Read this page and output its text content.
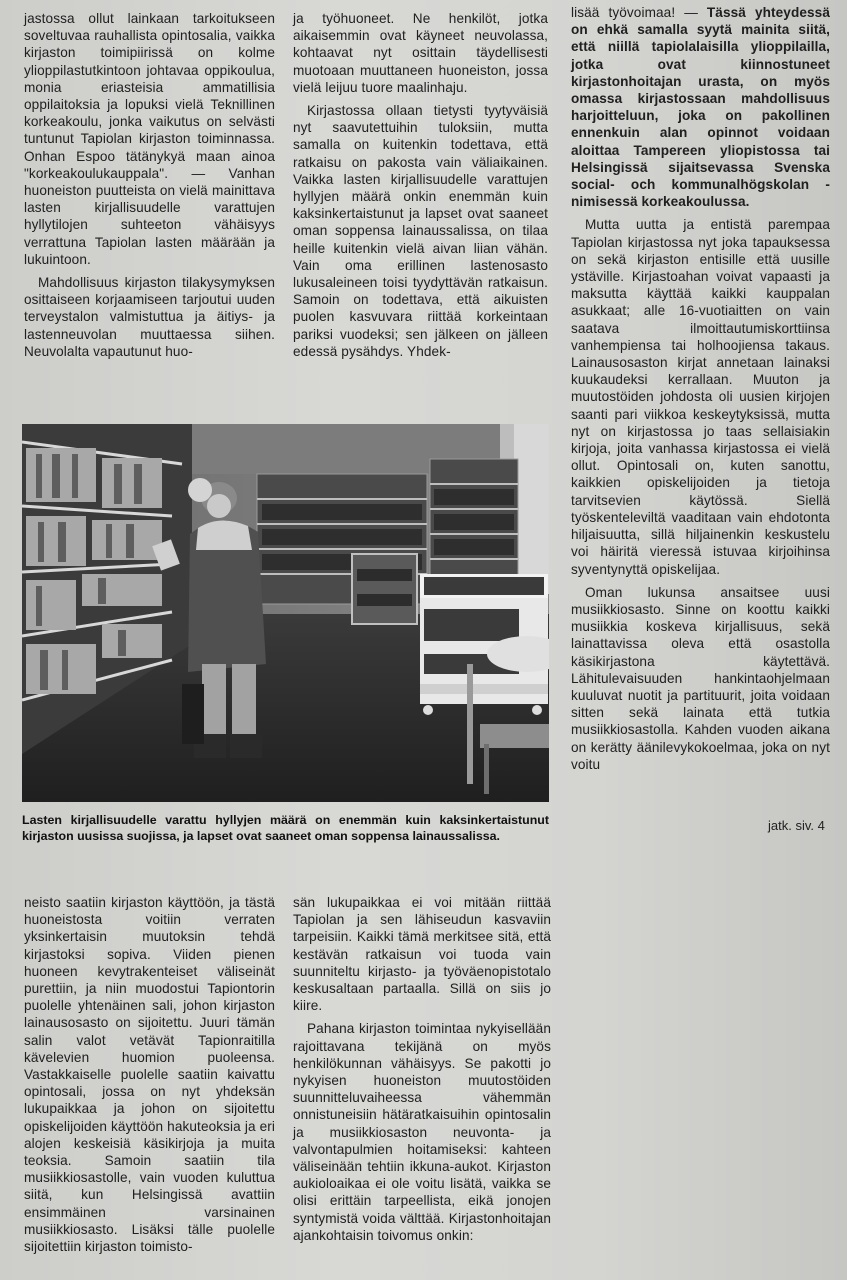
jastossa ollut lainkaan tarkoitukseen soveltuvaa rauhallista opintosalia, vaikka kirjaston toimipiirissä on kolme ylioppilastutkintoon johtavaa oppikoulua, monia eriasteisia ammatillisia oppilaitoksia ja lopuksi vielä Teknillinen korkeakoulu, jonka vaikutus on selvästi tuntunut Tapiolan kirjaston toiminnassa. Onhan Espoo tätänykyä maan ainoa "korkeakoulukauppala". — Vanhan huoneiston puutteista on vielä mainittava lasten kirjallisuudelle varattujen hyllytilojen suhteeton vähäisyys verrattuna Tapiolan lasten määrään ja lukuintoon.

Mahdollisuus kirjaston tilakysymyksen osittaiseen korjaamiseen tarjoutui uuden terveystalon valmistuttua ja äitiys- ja lastenneuvolan muuttaessa siihen. Neuvolalta vapautunut huo-

ja työhuoneet. Ne henkilöt, jotka aikaisemmin ovat käyneet neuvolassa, kohtaavat nyt osittain täydellisesti muotoaan muuttaneen huoneiston, jossa vielä leijuu tuore maalinhaju.

Kirjastossa ollaan tietysti tyytyväisiä nyt saavutettuihin tuloksiin, mutta samalla on kuitenkin todettava, että ratkaisu on pakosta vain väliaikainen. Vaikka lasten kirjallisuudelle varattujen hyllyjen määrä onkin enemmän kuin kaksinkertaistunut ja lapset ovat saaneet oman soppensa lainaussalissa, on tilaa heille kuitenkin vielä aivan liian vähän. Vain oma erillinen lastenosasto lukusaleineen toisi tyydyttävän ratkaisun. Samoin on todettava, että aikuisten puolen kasvuvara riittää korkeintaan pariksi vuodeksi; sen jälkeen on jälleen edessä pysähdys. Yhdek-

lisää työvoimaa! — Tässä yhteydessä on ehkä samalla syytä mainita siitä, että niillä tapiolalaisilla ylioppilailla, jotka ovat kiinnostuneet kirjastonhoitajan urasta, on myös omassa kirjastossaan mahdollisuus harjoitteluun, joka on pakollinen ennenkuin alan opinnot voidaan aloittaa Tampereen yliopistossa tai Helsingissä sijaitsevassa Svenska social- och kommunalhögskolan -nimisessä korkeakoulussa.

Mutta uutta ja entistä parempaa Tapiolan kirjastossa nyt joka tapauksessa on sekä kirjaston entisille että uusille ystäville. Kirjastoahan voivat vapaasti ja maksutta käyttää kaikki kauppalan asukkaat; alle 16-vuotiaitten on vain saatava ilmoittautumiskorttiinsa vanhempiensa tai holhoojiensa takaus. Lainausosaston kirjat annetaan lainaksi kuukaudeksi kerrallaan. Muuton ja muutostöiden johdosta oli uusien kirjojen saanti pari viikkoa keskeytyksissä, mutta nyt on kirjastossa jo taas sellaisiakin kirjoja, joita vanhassa kirjastossa ei vielä ollut. Opintosali on, kuten sanottu, kaikkien opiskelijoiden ja tietoja tarvitsevien käytössä. Siellä työskenteleviltä vaaditaan vain ehdotonta hiljaisuutta, sillä hiljainenkin keskustelu voi häiritä vieressä istuvaa kirjoihinsa syventynyttä opiskelijaa.

Oman lukunsa ansaitsee uusi musiikkiosasto. Sinne on koottu kaikki musiikkia koskeva kirjallisuus, sekä lainattavissa oleva että osastolla käsikirjastona käytettävä. Lähitulevaisuuden hankintaohjelmaan kuuluvat nuotit ja partituurit, joita voidaan sitten sekä lainata että tutkia musiikkiosastolla. Kahden vuoden aikana on kerätty äänilevykokoelmaa, joka on nyt voitu

Lasten kirjallisuudelle varattu hyllyjen määrä on enemmän kuin kaksinkertaistunut kirjaston uusissa suojissa, ja lapset ovat saaneet oman soppensa lainaussalissa.
jatk. siv. 4

neisto saatiin kirjaston käyttöön, ja tästä huoneistosta voitiin verraten yksinkertaisin muutoksin tehdä kirjastoksi sopiva. Viiden pienen huoneen kevytrakenteiset väliseinät purettiin, ja niin muodostui Tapiontorin puolelle yhtenäinen sali, johon kirjaston lainausosasto on sijoitettu. Juuri tämän salin valot vetävät Tapionraitilla kävelevien huomion puoleensa. Vastakkaiselle puolelle saatiin kaivattu opintosali, jossa on nyt yhdeksän lukupaikkaa ja johon on sijoitettu opiskelijoiden käyttöön hakuteoksia ja eri alojen keskeisiä käsikirjoja ja muita teoksia. Samoin saatiin tila musiikkiosastolle, vain vuoden kuluttua siitä, kun Helsingissä avattiin ensimmäinen varsinainen musiikkiosasto. Lisäksi tälle puolelle sijoitettiin kirjaston toimisto-

sän lukupaikkaa ei voi mitään riittää Tapiolan ja sen lähiseudun kasvaviin tarpeisiin. Kaikki tämä merkitsee sitä, että kestävän ratkaisun voi tuoda vain suunniteltu kirjasto- ja työväenopistotalo keskusaltaan partaalla. Sillä on siis jo kiire.

Pahana kirjaston toimintaa nykyisellään rajoittavana tekijänä on myös henkilökunnan vähäisyys. Se pakotti jo nykyisen huoneiston muutostöiden suunnitteluvaiheessa vähemmän onnistuneisiin hätäratkaisuihin opintosalin ja musiikkiosaston neuvonta- ja valvontapulmien hoitamiseksi: kahteen väliseinään tehtiin ikkuna-aukot. Kirjaston aukioloaikaa ei ole voitu lisätä, vaikka se olisi erittäin tarpeellista, eikä jonojen syntymistä voida välttää. Kirjastonhoitajan ajankohtaisin toivomus onkin:
